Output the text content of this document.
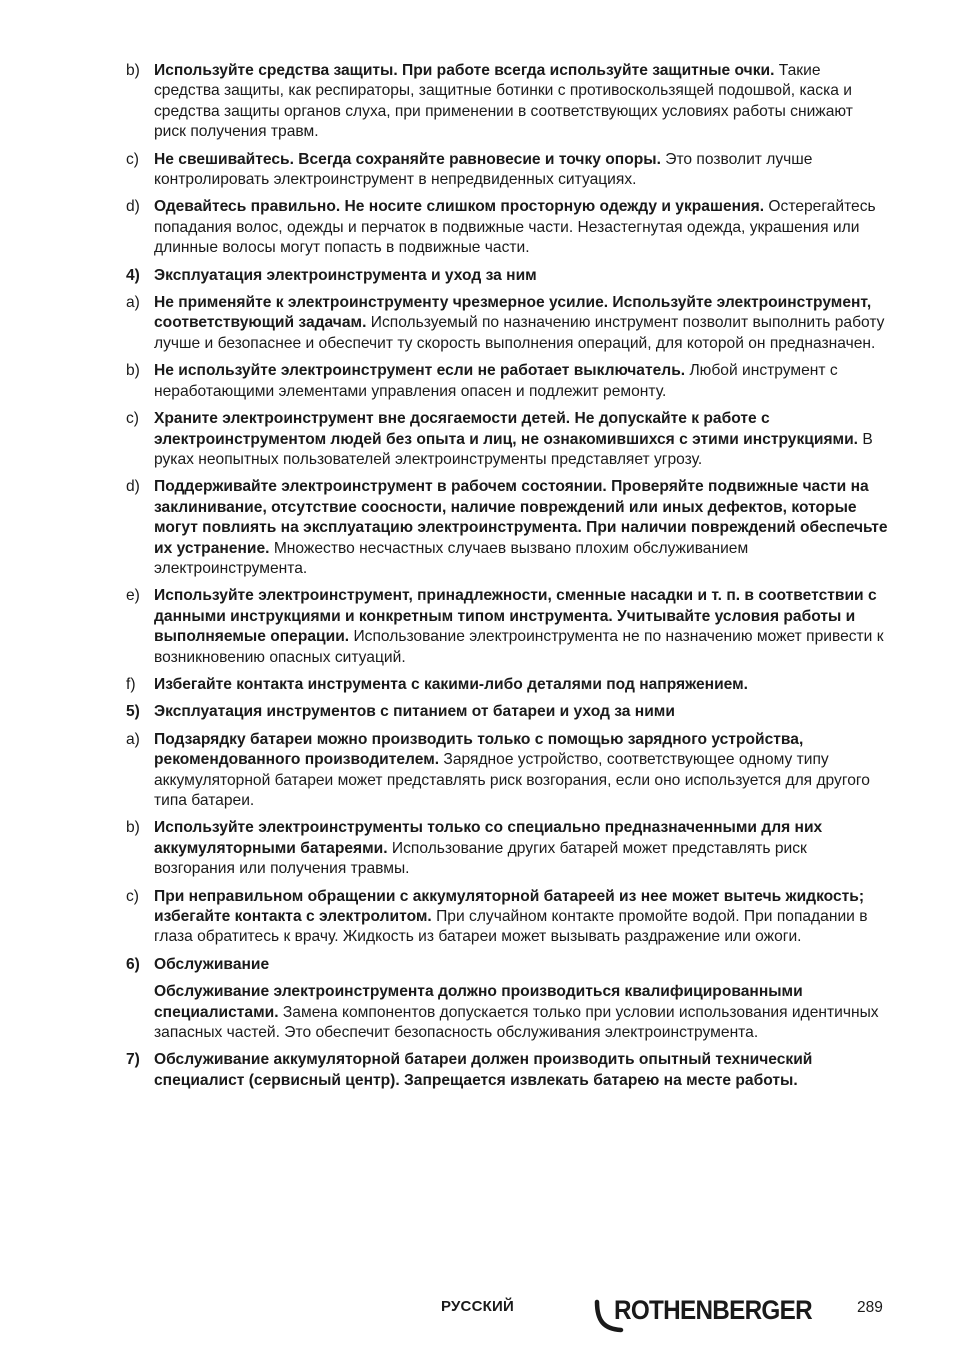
b) Используйте средства защиты. При работе всегда используйте защитные очки. Такие средства защиты, как респираторы, защитные ботинки с противоскользящей подошвой, каска и средства защиты органов слуха, при применении в соответствующих условиях работы снижают риск получения травм.
c) Не свешивайтесь. Всегда сохраняйте равновесие и точку опоры. Это позволит лучше контролировать электроинструмент в непредвиденных ситуациях.
d) Одевайтесь правильно. Не носите слишком просторную одежду и украшения. Остерегайтесь попадания волос, одежды и перчаток в подвижные части. Незастегнутая одежда, украшения или длинные волосы могут попасть в подвижные части.
4) Эксплуатация электроинструмента и уход за ним
a) Не применяйте к электроинструменту чрезмерное усилие. Используйте электроинструмент, соответствующий задачам. Используемый по назначению инструмент позволит выполнить работу лучше и безопаснее и обеспечит ту скорость выполнения операций, для которой он предназначен.
b) Не используйте электроинструмент если не работает выключатель. Любой инструмент с неработающими элементами управления опасен и подлежит ремонту.
c) Храните электроинструмент вне досягаемости детей. Не допускайте к работе с электроинструментом людей без опыта и лиц, не ознакомившихся с этими инструкциями. В руках неопытных пользователей электроинструменты представляет угрозу.
d) Поддерживайте электроинструмент в рабочем состоянии. Проверяйте подвижные части на заклинивание, отсутствие соосности, наличие повреждений или иных дефектов, которые могут повлиять на эксплуатацию электроинструмента. При наличии повреждений обеспечьте их устранение. Множество несчастных случаев вызвано плохим обслуживанием электроинструмента.
e) Используйте электроинструмент, принадлежности, сменные насадки и т. п. в соответствии с данными инструкциями и конкретным типом инструмента. Учитывайте условия работы и выполняемые операции. Использование электроинструмента не по назначению может привести к возникновению опасных ситуаций.
f)	Избегайте контакта инструмента с какими-либо деталями под напряжением.
5) Эксплуатация инструментов с питанием от батареи и уход за ними
a) Подзарядку батареи можно производить только с помощью зарядного устройства, рекомендованного производителем. Зарядное устройство, соответствующее одному типу аккумуляторной батареи может представлять риск возгорания, если оно используется для другого типа батареи.
b) Используйте электроинструменты только со специально предназначенными для них аккумуляторными батареями. Использование других батарей может представлять риск возгорания или получения травмы.
c) При неправильном обращении с аккумуляторной батареей из нее может вытечь жидкость; избегайте контакта с электролитом. При случайном контакте промойте водой. При попадании в глаза обратитесь к врачу. Жидкость из батареи может вызывать раздражение или ожоги.
6) Обслуживание
Обслуживание электроинструмента должно производиться квалифицированными специалистами. Замена компонентов допускается только при условии использования идентичных запасных частей. Это обеспечит безопасность обслуживания электроинструмента.
7) Обслуживание аккумуляторной батареи должен производить опытный технический специалист (сервисный центр). Запрещается извлекать батарею на месте работы.
РУССКИЙ	ROTHENBERGER	289
